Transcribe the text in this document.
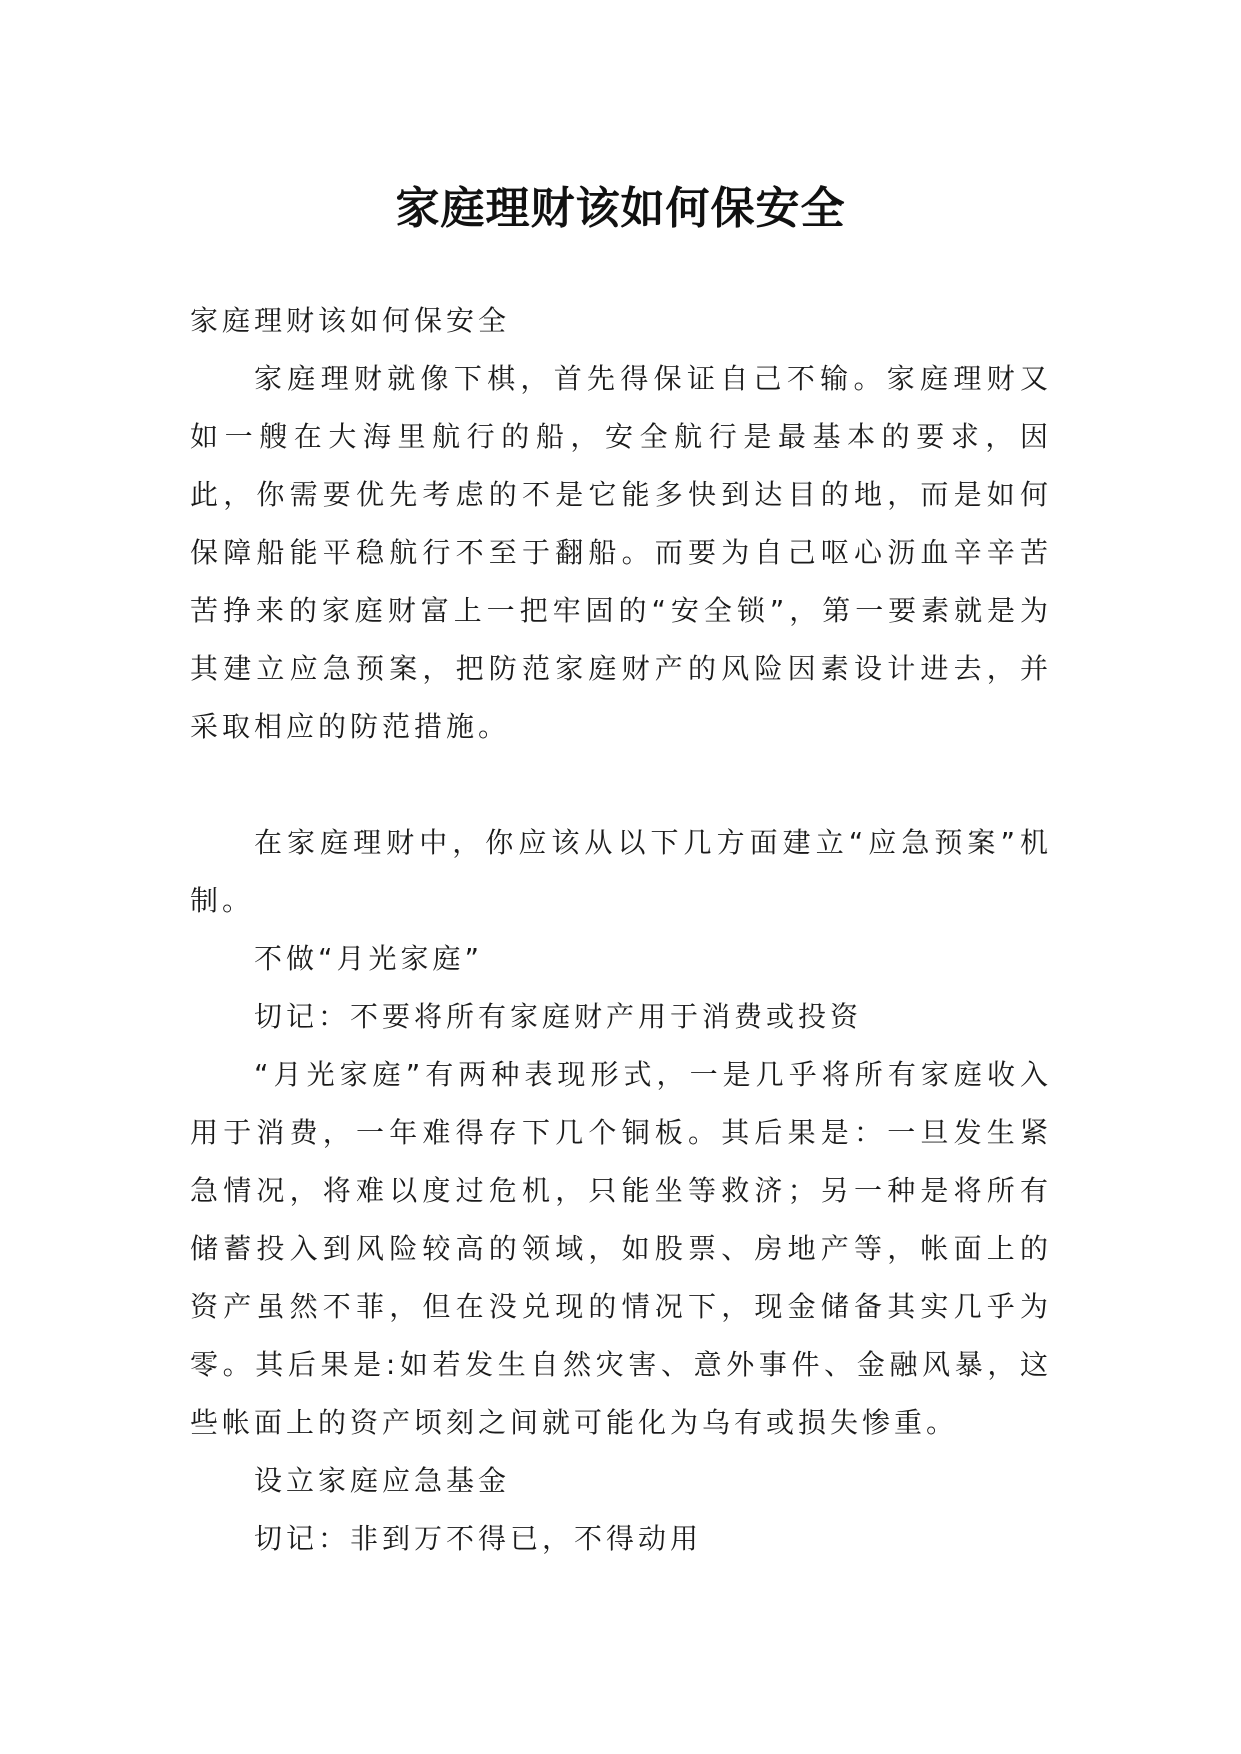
家庭理财该如何保安全

家庭理财该如何保安全

家庭理财就像下棋，首先得保证自己不输。家庭理财又如一艘在大海里航行的船，安全航行是最基本的要求，因此，你需要优先考虑的不是它能多快到达目的地，而是如何保障船能平稳航行不至于翻船。而要为自己呕心沥血辛辛苦苦挣来的家庭财富上一把牢固的“安全锁”，第一要素就是为其建立应急预案，把防范家庭财产的风险因素设计进去，并采取相应的防范措施。

在家庭理财中，你应该从以下几方面建立“应急预案”机制。

不做“月光家庭”

切记：不要将所有家庭财产用于消费或投资

“月光家庭”有两种表现形式，一是几乎将所有家庭收入用于消费，一年难得存下几个铜板。其后果是：一旦发生紧急情况，将难以度过危机，只能坐等救济；另一种是将所有储蓄投入到风险较高的领域，如股票、房地产等，帐面上的资产虽然不菲，但在没兑现的情况下，现金储备其实几乎为零。其后果是:如若发生自然灾害、意外事件、金融风暴，这些帐面上的资产顷刻之间就可能化为乌有或损失惨重。

设立家庭应急基金

切记：非到万不得已，不得动用
